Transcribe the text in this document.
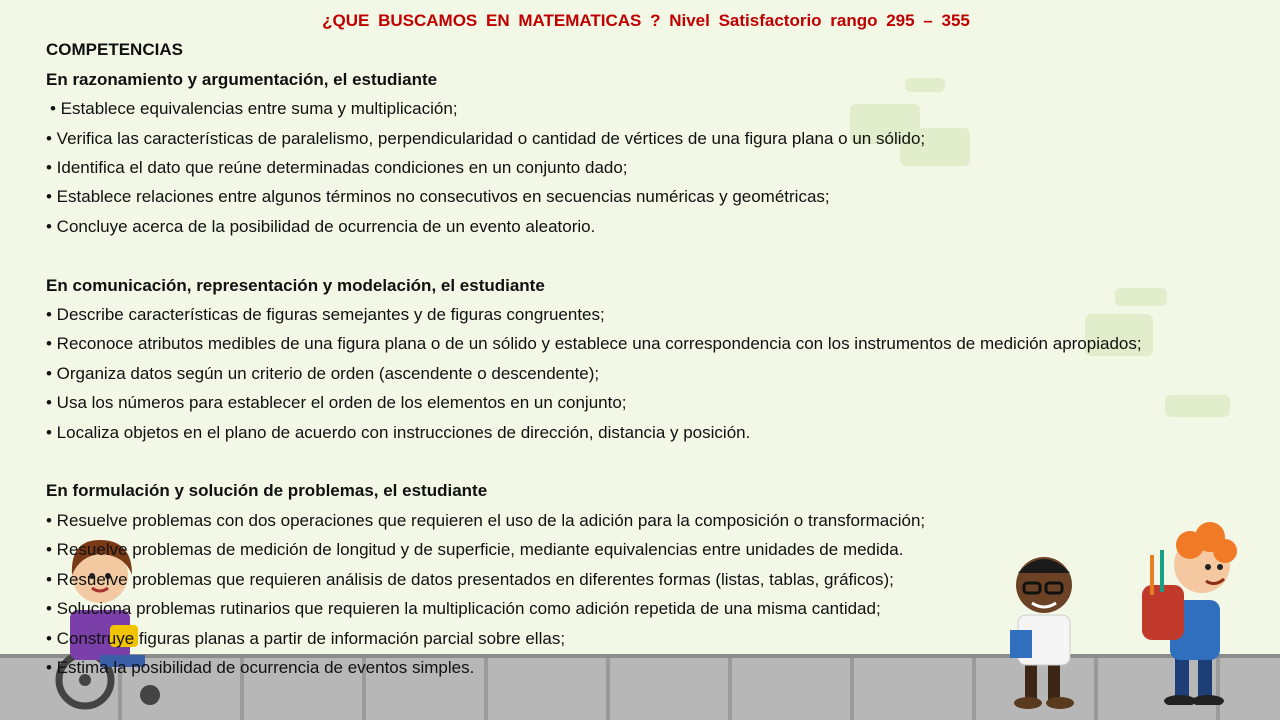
¿QUE BUSCAMOS EN MATEMATICAS ? Nivel Satisfactorio rango 295 – 355
COMPETENCIAS
En razonamiento y argumentación, el estudiante
• Establece equivalencias entre suma y multiplicación;
• Verifica las características de paralelismo, perpendicularidad o cantidad de vértices de una figura plana o un sólido;
• Identifica el dato que reúne determinadas condiciones en un conjunto dado;
• Establece relaciones entre algunos términos no consecutivos en secuencias numéricas y geométricas;
• Concluye acerca de la posibilidad de ocurrencia de un evento aleatorio.
En comunicación, representación y modelación, el estudiante
• Describe características de figuras semejantes y de figuras congruentes;
• Reconoce atributos medibles de una figura plana o de un sólido y establece una correspondencia con los instrumentos de medición apropiados;
• Organiza datos según un criterio de orden (ascendente o descendente);
• Usa los números para establecer el orden de los elementos en un conjunto;
• Localiza objetos en el plano de acuerdo con instrucciones de dirección, distancia y posición.
En formulación y solución de problemas, el estudiante
• Resuelve problemas con dos operaciones que requieren el uso de la adición para la composición o transformación;
• Resuelve problemas de medición de longitud y de superficie, mediante equivalencias entre unidades de medida.
• Resuelve problemas que requieren análisis de datos presentados en diferentes formas (listas, tablas, gráficos);
• Soluciona problemas rutinarios que requieren la multiplicación como adición repetida de una misma cantidad;
• Construye figuras planas a partir de información parcial sobre ellas;
• Estima la posibilidad de ocurrencia de eventos simples.
